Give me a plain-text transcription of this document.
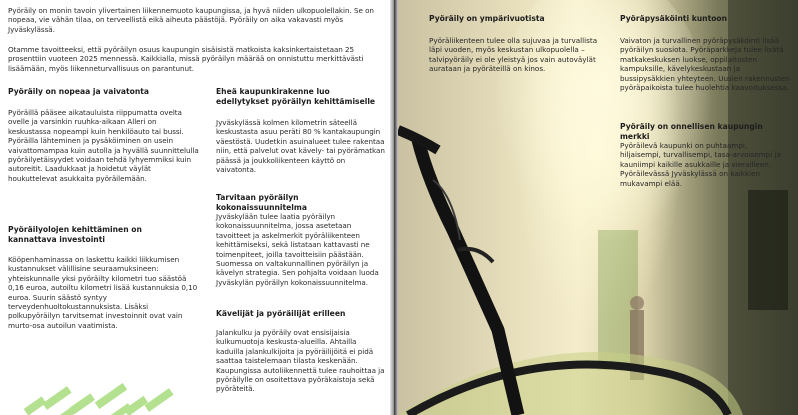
Pyöräily on monin tavoin ylivertainen liikennemuoto kaupungissa, ja hyvä niiden ulkopuolellakin. Se on nopeaa, vie vähän tilaa, on terveellistä eikä aiheuta päästöjä. Pyöräily on aika vakavasti myös Jyväskylässä.

Otamme tavoitteeksi, että pyöräilyn osuus kaupungin sisäisistä matkoista kaksinkertaistetaan 25 prosenttiin vuoteen 2025 mennessä. Kaikkialla, missä pyöräilyn määrää on onnistuttu merkittävästi lisäämään, myös liikenneturvallisuus on parantunut.

Pyöräily on nopeaa ja vaivatonta

Pyöräillä pääsee aikatauluista riippumatta ovelta ovelle ja varsinkin ruuhka-aikaan Alleri on keskustassa nopeampi kuin henkilöauto tai bussi. Pyöräilla lähteminen ja pysäköiminen on usein vaivattomampaa kuin autolla ja hyvällä suunnittelulla pyöräilyetäisyydet voidaan tehdä lyhyemmiksi kuin autoreitit. Laadukkaat ja hoidetut väylät houkuttelevat asukkaita pyöräilemään.

Pyöräilyolojen kehittäminen on kannattava investointi

Kööpenhaminassa on laskettu kaikki liikkumisen kustannukset välillisine seuraamuksineen: yhteiskunnalle yksi pyöräilty kilometri tuo säästöä 0,16 euroa, autoiltu kilometri lisää kustannuksia 0,10 euroa. Suurin säästö syntyy terveydenhuoltokustannuksista. Lisäksi polkupyöräilyn tarvitsemat investoinnit ovat vain murto-osa autoilun vaatimista.

Eheä kaupunkirakenne luo edellytykset pyöräilyn kehittämiselle

Jyväskylässä kolmen kilometrin säteellä keskustasta asuu peräti 80 % kantakaupungin väestöstä. Uudetkin asuinalueet tulee rakentaa niin, että palvelut ovat kävely- tai pyörämatkan päässä ja joukkoliikenteen käyttö on vaivatonta.

Tarvitaan pyöräilyn kokonaissuunnitelma

Jyväskylään tulee laatia pyöräilyn kokonaissuunnitelma, jossa asetetaan tavoitteet ja askelmerkit pyöräliikenteen kehittämiseksi, sekä listataan kattavasti ne toimenpiteet, joilla tavoitteisiin päästään. Suomessa on valtakunnallinen pyöräilyn ja kävelyn strategia. Sen pohjalta voidaan luoda Jyväskylän pyöräilyn kokonaissuunnitelma.

Kävelijät ja pyöräilijät erilleen

Jalankulku ja pyöräily ovat ensisijaisia kulkumuotoja keskusta-alueilla. Ahtailla kaduilla jalankulkijoita ja pyöräilijöitä ei pidä saattaa taistelemaan tilasta keskenään. Kaupungissa autoliikennettä tulee rauhoittaa ja pyöräilylle on osoitettava pyöräkaistoja sekä pyöräteitä.

Pyöräily on ympärivuotista

Pyöräliikenteen tulee olla sujuvaa ja turvallista läpi vuoden, myös keskustan ulkopuolella – talvipyöräily ei ole yleistyä jos vain autoväylät aurataan ja pyöräteillä on kinos.

Pyöräpysäköinti kuntoon

Vaivaton ja turvallinen pyöräpysäköinti lisää pyöräilyn suosiota. Pyöräparkkeja tulee lisätä matkakeskuksen luokse, oppilaitosten kampuksille, kävelykeskustaan ja bussipysäkkien yhteyteen. Uusien rakennusten pyöräpaikoista tulee huolehtia kaavoituksessa.

Pyöräily on onnellisen kaupungin merkki

Pyöräilevä kaupunki on puhtaampi, hiljaisempi, turvallisempi, tasa-arvoisempi ja kauniimpi kaikille asukkaille ja vierailleen. Pyöräilevässä Jyväskylässä on kaikkien mukavampi elää.
